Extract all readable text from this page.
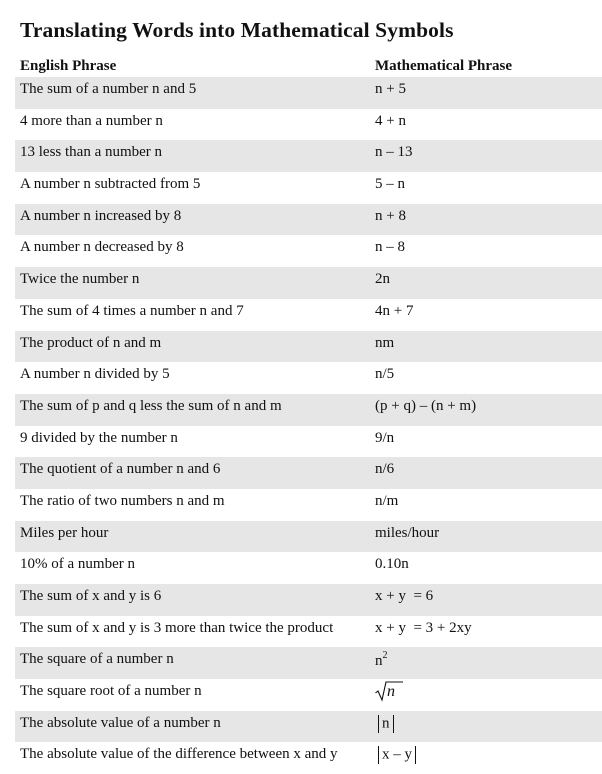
Translating Words into Mathematical Symbols
English Phrase	Mathematical Phrase
The sum of a number n and 5	n + 5
4 more than a number n	4 + n
13 less than a number n	n – 13
A number n subtracted from 5	5 – n
A number n increased by 8	n + 8
A number n decreased by 8	n – 8
Twice the number n	2n
The sum of 4 times a number n and 7	4n + 7
The product of n and m	nm
A number n divided by 5	n/5
The sum of p and q less the sum of n and m	(p + q) – (n + m)
9 divided by the number n	9/n
The quotient of a number n and 6	n/6
The ratio of two numbers n and m	n/m
Miles per hour	miles/hour
10% of a number n	0.10n
The sum of x and y is 6	x + y  = 6
The sum of x and y is 3 more than twice the product	x + y  = 3 + 2xy
The square of a number n	$n^2$
The square root of a number n	n
The absolute value of a number n	n
The absolute value of the difference between x and y	x – y
